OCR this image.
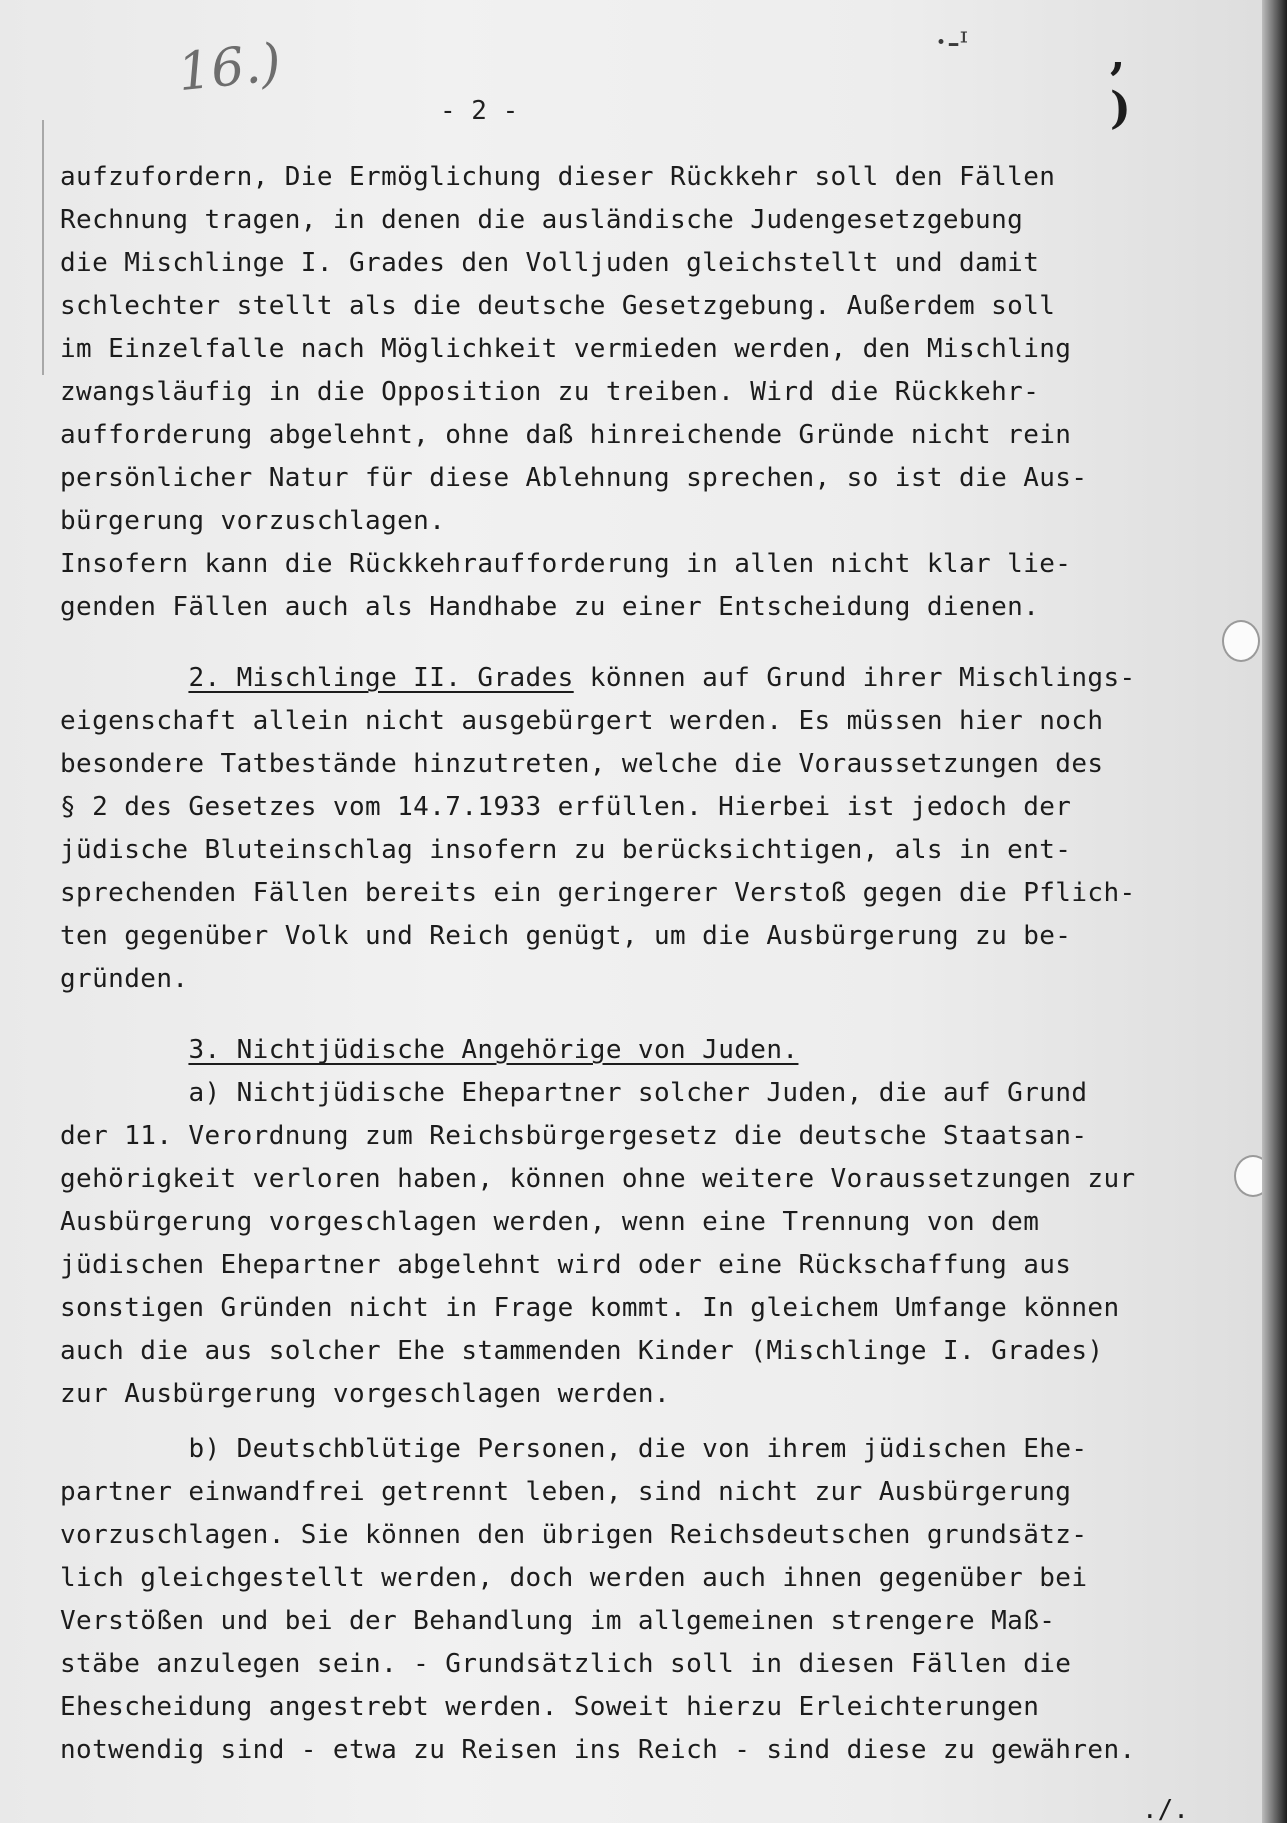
16.)	·-ᶦ	,
)
- 2 -

aufzufordern, Die Ermöglichung dieser Rückkehr soll den Fällen

Rechnung tragen, in denen die ausländische Judengesetzgebung

die Mischlinge I. Grades den Volljuden gleichstellt und damit

schlechter stellt als die deutsche Gesetzgebung. Außerdem soll

im Einzelfalle nach Möglichkeit vermieden werden, den Mischling

zwangsläufig in die Opposition zu treiben. Wird die Rückkehr-

aufforderung abgelehnt, ohne daß hinreichende Gründe nicht rein

persönlicher Natur für diese Ablehnung sprechen, so ist die Aus-

bürgerung vorzuschlagen.

Insofern kann die Rückkehraufforderung in allen nicht klar lie-

genden Fällen auch als Handhabe zu einer Entscheidung dienen.

2. Mischlinge II. Grades können auf Grund ihrer Mischlings-

eigenschaft allein nicht ausgebürgert werden. Es müssen hier noch

besondere Tatbestände hinzutreten, welche die Voraussetzungen des

§ 2 des Gesetzes vom 14.7.1933 erfüllen. Hierbei ist jedoch der

jüdische Bluteinschlag insofern zu berücksichtigen, als in ent-

sprechenden Fällen bereits ein geringerer Verstoß gegen die Pflich-

ten gegenüber Volk und Reich genügt, um die Ausbürgerung zu be-

gründen.

3. Nichtjüdische Angehörige von Juden.

a) Nichtjüdische Ehepartner solcher Juden, die auf Grund

der 11. Verordnung zum Reichsbürgergesetz die deutsche Staatsan-

gehörigkeit verloren haben, können ohne weitere Voraussetzungen zur

Ausbürgerung vorgeschlagen werden, wenn eine Trennung von dem

jüdischen Ehepartner abgelehnt wird oder eine Rückschaffung aus

sonstigen Gründen nicht in Frage kommt. In gleichem Umfange können

auch die aus solcher Ehe stammenden Kinder (Mischlinge I. Grades)

zur Ausbürgerung vorgeschlagen werden.

b) Deutschblütige Personen, die von ihrem jüdischen Ehe-

partner einwandfrei getrennt leben, sind nicht zur Ausbürgerung

vorzuschlagen. Sie können den übrigen Reichsdeutschen grundsätz-

lich gleichgestellt werden, doch werden auch ihnen gegenüber bei

Verstößen und bei der Behandlung im allgemeinen strengere Maß-

stäbe anzulegen sein. - Grundsätzlich soll in diesen Fällen die

Ehescheidung angestrebt werden. Soweit hierzu Erleichterungen

notwendig sind - etwa zu Reisen ins Reich - sind diese zu gewähren.

./.
